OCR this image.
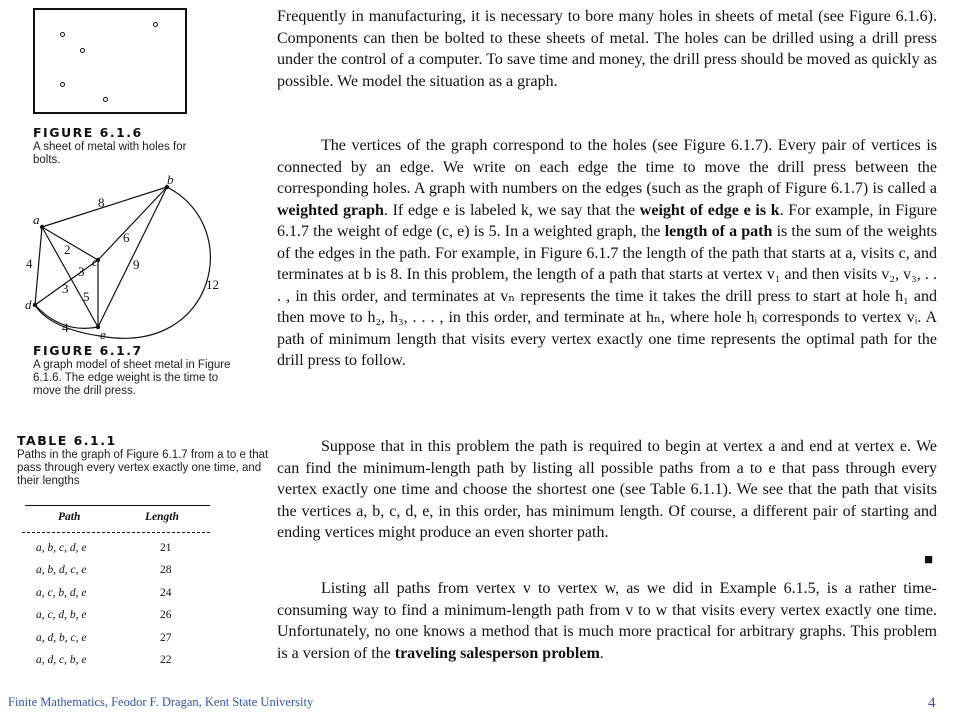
FIGURE 6.1.6
A sheet of metal with holes for bolts.
a
b
c
d
e
8
2
4
3
6
12
9
3
5
4
FIGURE 6.1.7
A graph model of sheet metal in Figure 6.1.6. The edge weight is the time to move the drill press.
TABLE 6.1.1
Paths in the graph of Figure 6.1.7 from a to e that pass through every vertex exactly one time, and their lengths
Path	Length
a, b, c, d, e	21
a, b, d, c, e	28
a, c, b, d, e	24
a, c, d, b, e	26
a, d, b, c, e	27
a, d, c, b, e	22

Frequently in manufacturing, it is necessary to bore many holes in sheets of metal (see Figure 6.1.6). Components can then be bolted to these sheets of metal. The holes can be drilled using a drill press under the control of a computer. To save time and money, the drill press should be moved as quickly as possible. We model the situation as a graph.

The vertices of the graph correspond to the holes (see Figure 6.1.7). Every pair of vertices is connected by an edge. We write on each edge the time to move the drill press between the corresponding holes. A graph with numbers on the edges (such as the graph of Figure 6.1.7) is called a weighted graph. If edge e is labeled k, we say that the weight of edge e is k. For example, in Figure 6.1.7 the weight of edge (c, e) is 5. In a weighted graph, the length of a path is the sum of the weights of the edges in the path. For example, in Figure 6.1.7 the length of the path that starts at a, visits c, and terminates at b is 8. In this problem, the length of a path that starts at vertex v₁ and then visits v₂, v₃, . . . , in this order, and terminates at vₙ represents the time it takes the drill press to start at hole h₁ and then move to h₂, h₃, . . . , in this order, and terminate at hₙ, where hole hᵢ corresponds to vertex vᵢ. A path of minimum length that visits every vertex exactly one time represents the optimal path for the drill press to follow.

Suppose that in this problem the path is required to begin at vertex a and end at vertex e. We can find the minimum-length path by listing all possible paths from a to e that pass through every vertex exactly one time and choose the shortest one (see Table 6.1.1). We see that the path that visits the vertices a, b, c, d, e, in this order, has minimum length. Of course, a different pair of starting and ending vertices might produce an even shorter path.

■

Listing all paths from vertex v to vertex w, as we did in Example 6.1.5, is a rather time-consuming way to find a minimum-length path from v to w that visits every vertex exactly one time. Unfortunately, no one knows a method that is much more practical for arbitrary graphs. This problem is a version of the traveling salesperson problem.

Finite Mathematics, Feodor F. Dragan, Kent State University	4
